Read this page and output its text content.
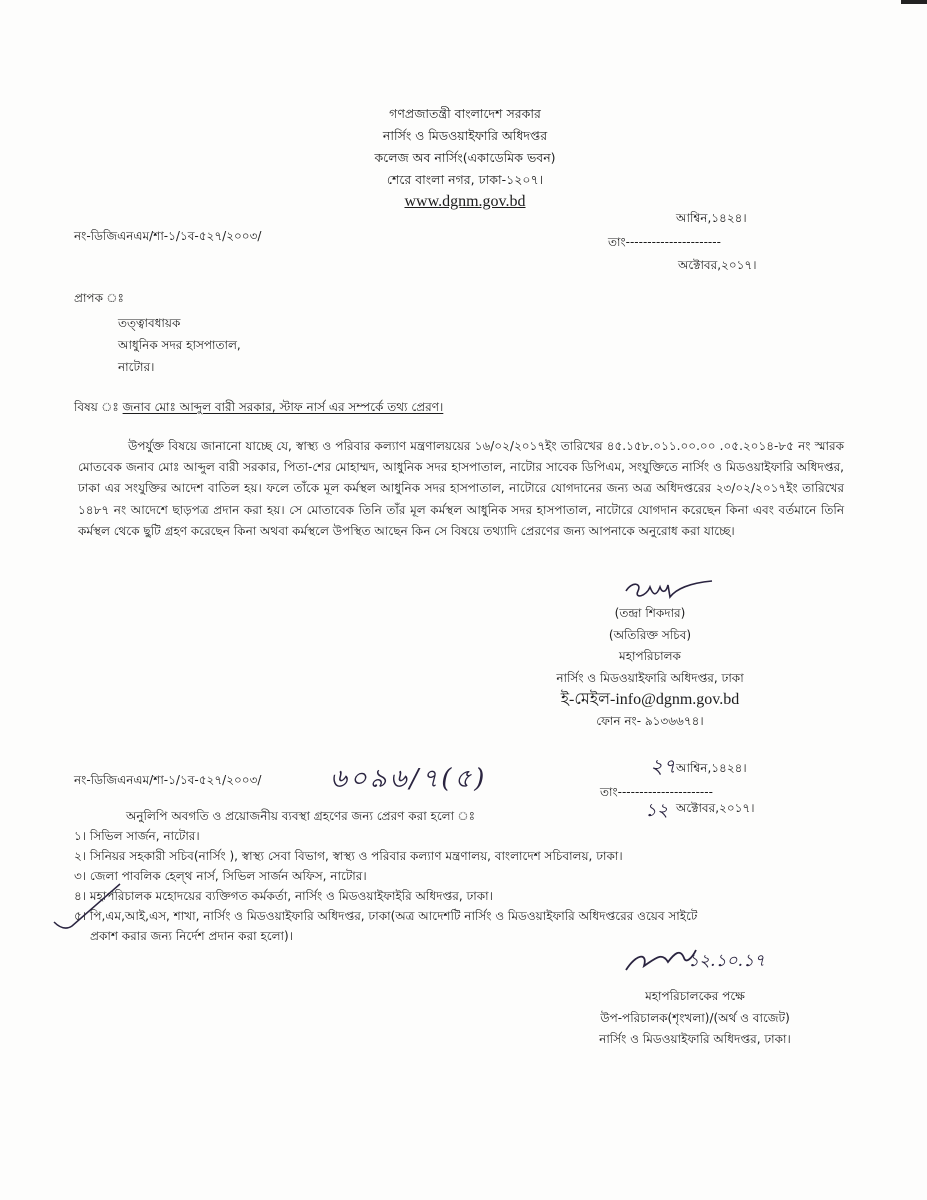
গণপ্রজাতন্ত্রী বাংলাদেশ সরকার
নার্সিং ও মিডওয়াইফারি অধিদপ্তর
কলেজ অব নার্সিং(একাডেমিক ভবন)
শেরে বাংলা নগর, ঢাকা-১২০৭।
www.dgnm.gov.bd
নং-ডিজিএনএম/শা-১/১ব-৫২৭/২০০৩/
আশ্বিন,১৪২৪।
তাং----------------------
অক্টোবর,২০১৭।
প্রাপক ঃ
তত্ত্বাবধায়ক
আধুনিক সদর হাসপাতাল,
নাটোর।
বিষয় ঃ জনাব মোঃ আব্দুল বারী সরকার, স্টাফ নার্স এর সম্পর্কে তথ্য প্রেরণ।
উপর্যুক্ত বিষয়ে জানানো যাচ্ছে যে, স্বাস্থ্য ও পরিবার কল্যাণ মন্ত্রণালয়য়ের ১৬/০২/২০১৭ইং তারিখের ৪৫.১৫৮.০১১.০০.০০ .০৫.২০১৪-৮৫ নং স্মারক মোতবেক জনাব মোঃ আব্দুল বারী সরকার, পিতা-শের মোহাম্মদ, আধুনিক সদর হাসপাতাল, নাটোর সাবেক ডিপিএম, সংযুক্তিতে নার্সিং ও মিডওয়াইফারি অধিদপ্তর, ঢাকা এর সংযুক্তির আদেশ বাতিল হয়। ফলে তাঁকে মূল কর্মস্থল আধুনিক সদর হাসপাতাল, নাটোরে যোগদানের জন্য অত্র অধিদপ্তরের ২৩/০২/২০১৭ইং তারিখের ১৪৮৭ নং আদেশে ছাড়পত্র প্রদান করা হয়। সে মোতাবেক তিনি তাঁর মূল কর্মস্থল আধুনিক সদর হাসপাতাল, নাটোরে যোগদান করেছেন কিনা এবং বর্তমানে তিনি কর্মস্থল থেকে ছুটি গ্রহণ করেছেন কিনা অথবা কর্মস্থলে উপস্থিত আছেন কিন সে বিষয়ে তথ্যাদি প্রেরণের জন্য আপনাকে অনুরোধ করা যাচ্ছে।
(তন্দ্রা শিকদার)
(অতিরিক্ত সচিব)
মহাপরিচালক
নার্সিং ও মিডওয়াইফারি অধিদপ্তর, ঢাকা
ই-মেইল-info@dgnm.gov.bd
ফোন নং- ৯১৩৬৬৭৪।
নং-ডিজিএনএম/শা-১/১ব-৫২৭/২০০৩/	৬০৯৬/৭(৫)	২৭ আশ্বিন,১৪২৪।
তাং----------------------
১২ অক্টোবর,২০১৭।
অনুলিপি অবগতি ও প্রয়োজনীয় ব্যবস্থা গ্রহণের জন্য প্রেরণ করা হলো ঃ
১। সিভিল সার্জন, নাটোর।
২। সিনিয়র সহকারী সচিব(নার্সিং ), স্বাস্থ্য সেবা বিভাগ, স্বাস্থ্য ও পরিবার কল্যাণ মন্ত্রণালয়, বাংলাদেশ সচিবালয়, ঢাকা।
৩। জেলা পাবলিক হেল্থ নার্স, সিভিল সার্জন অফিস, নাটোর।
৪। মহাপরিচালক মহোদয়ের ব্যক্তিগত কর্মকর্তা, নার্সিং ও মিডওয়াইফাইরি অধিদপ্তর, ঢাকা।
৫। পি,এম,আই,এস, শাখা, নার্সিং ও মিডওয়াইফারি অধিদপ্তর, ঢাকা(অত্র আদেশটি নার্সিং ও মিডওয়াইফারি অধিদপ্তরের ওয়েব সাইটে
প্রকাশ করার জন্য নির্দেশ প্রদান করা হলো)।
১২.১০.১৭
মহাপরিচালকের পক্ষে
উপ-পরিচালক(শৃংখলা)/(অর্থ ও বাজেট)
নার্সিং ও মিডওয়াইফারি অধিদপ্তর, ঢাকা।
